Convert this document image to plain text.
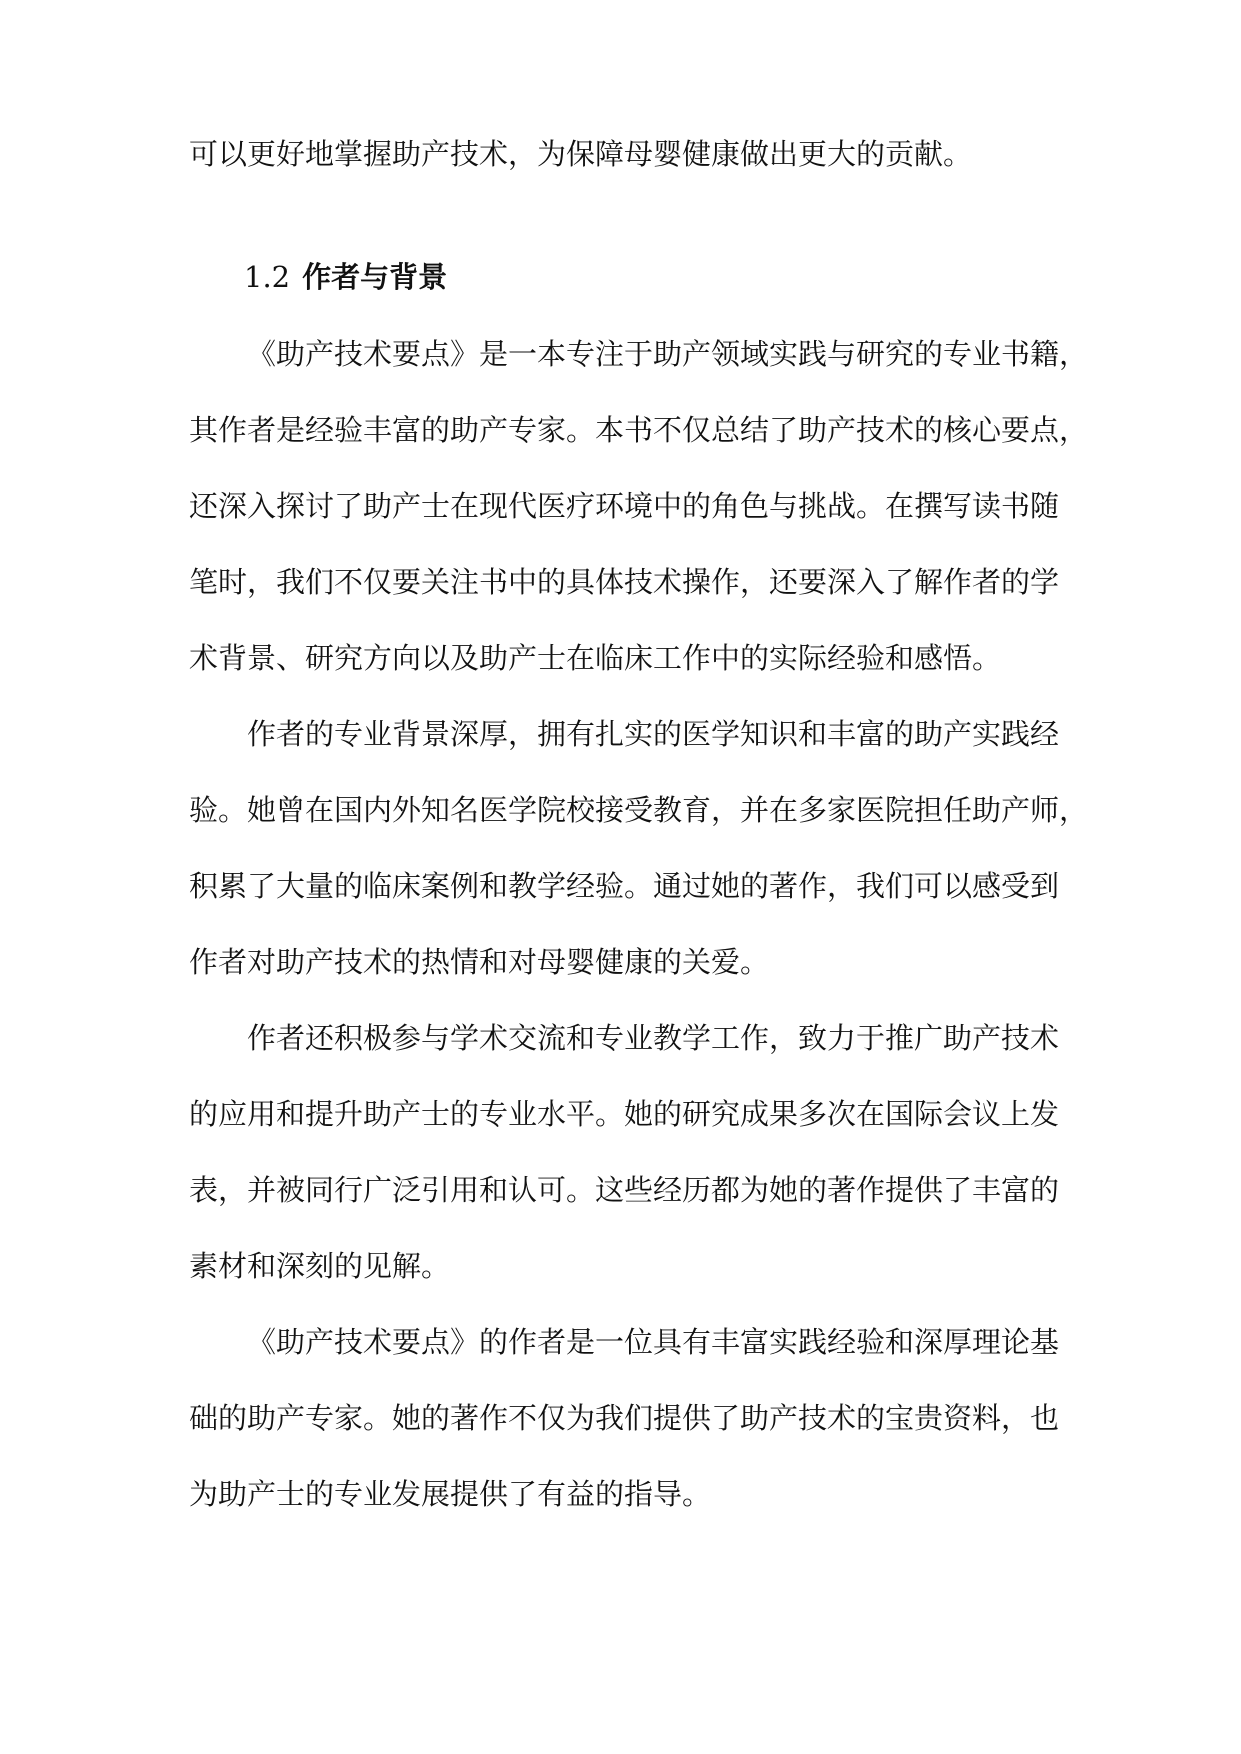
可以更好地掌握助产技术，为保障母婴健康做出更大的贡献。
1.2 作者与背景
《助产技术要点》是一本专注于助产领域实践与研究的专业书籍，
其作者是经验丰富的助产专家。本书不仅总结了助产技术的核心要点，
还深入探讨了助产士在现代医疗环境中的角色与挑战。在撰写读书随
笔时，我们不仅要关注书中的具体技术操作，还要深入了解作者的学
术背景、研究方向以及助产士在临床工作中的实际经验和感悟。
作者的专业背景深厚，拥有扎实的医学知识和丰富的助产实践经
验。她曾在国内外知名医学院校接受教育，并在多家医院担任助产师，
积累了大量的临床案例和教学经验。通过她的著作，我们可以感受到
作者对助产技术的热情和对母婴健康的关爱。
作者还积极参与学术交流和专业教学工作，致力于推广助产技术
的应用和提升助产士的专业水平。她的研究成果多次在国际会议上发
表，并被同行广泛引用和认可。这些经历都为她的著作提供了丰富的
素材和深刻的见解。
《助产技术要点》的作者是一位具有丰富实践经验和深厚理论基
础的助产专家。她的著作不仅为我们提供了助产技术的宝贵资料，也
为助产士的专业发展提供了有益的指导。
